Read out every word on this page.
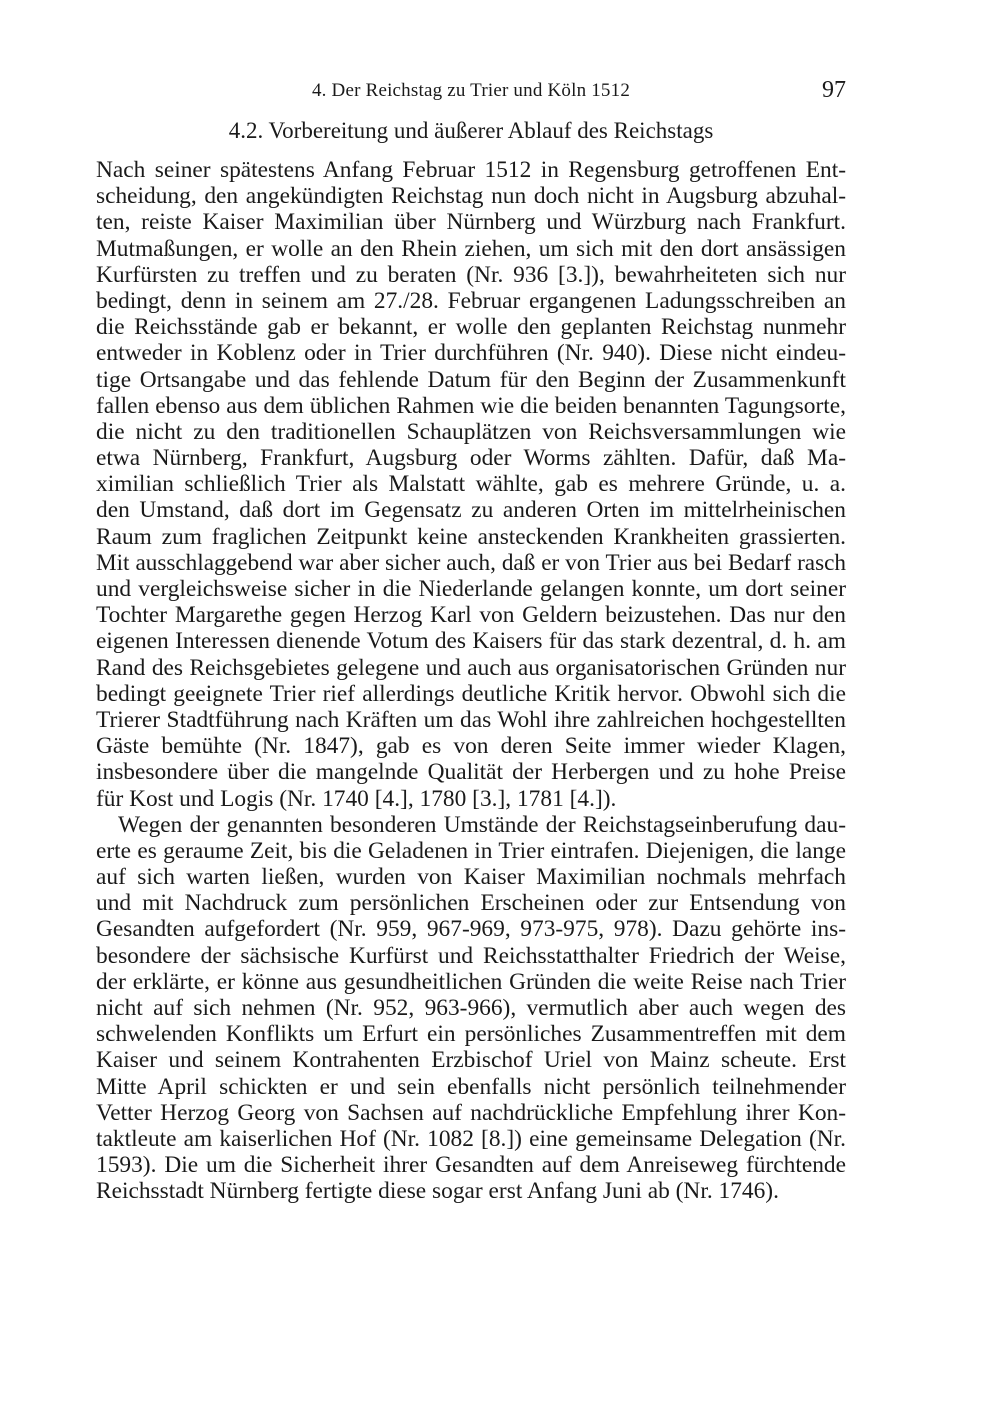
4. Der Reichstag zu Trier und Köln 1512	97
4.2. Vorbereitung und äußerer Ablauf des Reichstags
Nach seiner spätestens Anfang Februar 1512 in Regensburg getroffenen Ent-
scheidung, den angekündigten Reichstag nun doch nicht in Augsburg abzuhal-
ten, reiste Kaiser Maximilian über Nürnberg und Würzburg nach Frankfurt.
Mutmaßungen, er wolle an den Rhein ziehen, um sich mit den dort ansässigen
Kurfürsten zu treffen und zu beraten (Nr. 936 [3.]), bewahrheiteten sich nur
bedingt, denn in seinem am 27./28. Februar ergangenen Ladungsschreiben an
die Reichsstände gab er bekannt, er wolle den geplanten Reichstag nunmehr
entweder in Koblenz oder in Trier durchführen (Nr. 940). Diese nicht eindeu-
tige Ortsangabe und das fehlende Datum für den Beginn der Zusammenkunft
fallen ebenso aus dem üblichen Rahmen wie die beiden benannten Tagungsorte,
die nicht zu den traditionellen Schauplätzen von Reichsversammlungen wie
etwa Nürnberg, Frankfurt, Augsburg oder Worms zählten. Dafür, daß Ma-
ximilian schließlich Trier als Malstatt wählte, gab es mehrere Gründe, u. a.
den Umstand, daß dort im Gegensatz zu anderen Orten im mittelrheinischen
Raum zum fraglichen Zeitpunkt keine ansteckenden Krankheiten grassierten.
Mit ausschlaggebend war aber sicher auch, daß er von Trier aus bei Bedarf rasch
und vergleichsweise sicher in die Niederlande gelangen konnte, um dort seiner
Tochter Margarethe gegen Herzog Karl von Geldern beizustehen. Das nur den
eigenen Interessen dienende Votum des Kaisers für das stark dezentral, d. h. am
Rand des Reichsgebietes gelegene und auch aus organisatorischen Gründen nur
bedingt geeignete Trier rief allerdings deutliche Kritik hervor. Obwohl sich die
Trierer Stadtführung nach Kräften um das Wohl ihre zahlreichen hochgestellten
Gäste bemühte (Nr. 1847), gab es von deren Seite immer wieder Klagen,
insbesondere über die mangelnde Qualität der Herbergen und zu hohe Preise
für Kost und Logis (Nr. 1740 [4.], 1780 [3.], 1781 [4.]).
Wegen der genannten besonderen Umstände der Reichstagseinberufung dau-
erte es geraume Zeit, bis die Geladenen in Trier eintrafen. Diejenigen, die lange
auf sich warten ließen, wurden von Kaiser Maximilian nochmals mehrfach
und mit Nachdruck zum persönlichen Erscheinen oder zur Entsendung von
Gesandten aufgefordert (Nr. 959, 967-969, 973-975, 978). Dazu gehörte ins-
besondere der sächsische Kurfürst und Reichsstatthalter Friedrich der Weise,
der erklärte, er könne aus gesundheitlichen Gründen die weite Reise nach Trier
nicht auf sich nehmen (Nr. 952, 963-966), vermutlich aber auch wegen des
schwelenden Konflikts um Erfurt ein persönliches Zusammentreffen mit dem
Kaiser und seinem Kontrahenten Erzbischof Uriel von Mainz scheute. Erst
Mitte April schickten er und sein ebenfalls nicht persönlich teilnehmender
Vetter Herzog Georg von Sachsen auf nachdrückliche Empfehlung ihrer Kon-
taktleute am kaiserlichen Hof (Nr. 1082 [8.]) eine gemeinsame Delegation (Nr.
1593). Die um die Sicherheit ihrer Gesandten auf dem Anreiseweg fürchtende
Reichsstadt Nürnberg fertigte diese sogar erst Anfang Juni ab (Nr. 1746).
